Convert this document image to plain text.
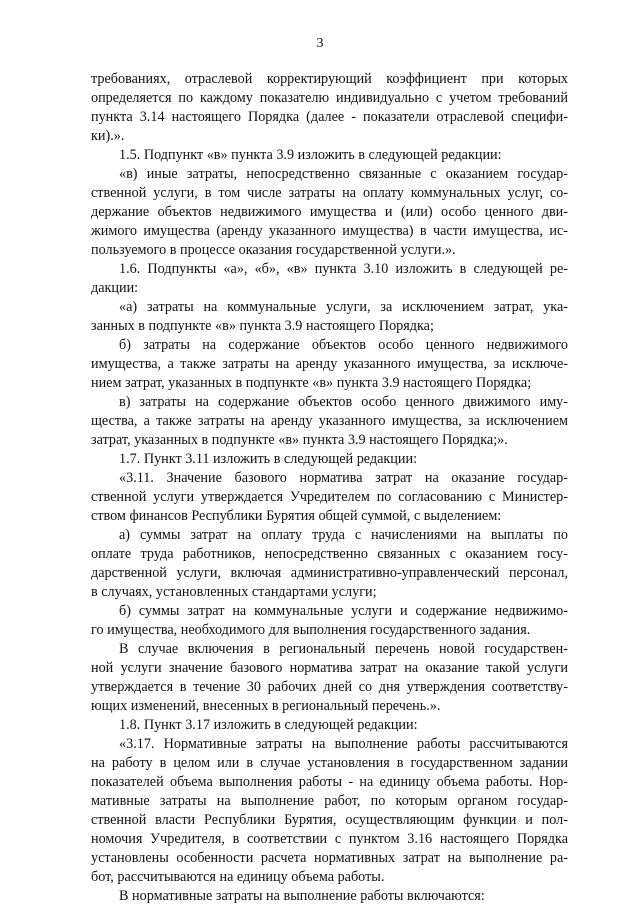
3
требованиях, отраслевой корректирующий коэффициент при которых
определяется по каждому показателю индивидуально с учетом требований
пункта 3.14 настоящего Порядка (далее - показатели отраслевой специфи-
ки).».
1.5. Подпункт «в» пункта 3.9 изложить в следующей редакции:
«в) иные затраты, непосредственно связанные с оказанием государ-
ственной услуги, в том числе затраты на оплату коммунальных услуг, со-
держание объектов недвижимого имущества и (или) особо ценного дви-
жимого имущества (аренду указанного имущества) в части имущества, ис-
пользуемого в процессе оказания государственной услуги.».
1.6. Подпункты «а», «б», «в» пункта 3.10 изложить в следующей ре-
дакции:
«а) затраты на коммунальные услуги, за исключением затрат, ука-
занных в подпункте «в» пункта 3.9 настоящего Порядка;
б) затраты на содержание объектов особо ценного недвижимого
имущества, а также затраты на аренду указанного имущества, за исключе-
нием затрат, указанных в подпункте «в» пункта 3.9 настоящего Порядка;
в) затраты на содержание объектов особо ценного движимого иму-
щества, а также затраты на аренду указанного имущества, за исключением
затрат, указанных в подпункте «в» пункта 3.9 настоящего Порядка;».
1.7. Пункт 3.11 изложить в следующей редакции:
«3.11. Значение базового норматива затрат на оказание государ-
ственной услуги утверждается Учредителем по согласованию с Министер-
ством финансов Республики Бурятия общей суммой, с выделением:
а) суммы затрат на оплату труда с начислениями на выплаты по
оплате труда работников, непосредственно связанных с оказанием госу-
дарственной услуги, включая административно-управленческий персонал,
в случаях, установленных стандартами услуги;
б) суммы затрат на коммунальные услуги и содержание недвижимо-
го имущества, необходимого для выполнения государственного задания.
В случае включения в региональный перечень новой государствен-
ной услуги значение базового норматива затрат на оказание такой услуги
утверждается в течение 30 рабочих дней со дня утверждения соответству-
ющих изменений, внесенных в региональный перечень.».
1.8. Пункт 3.17 изложить в следующей редакции:
«3.17. Нормативные затраты на выполнение работы рассчитываются
на работу в целом или в случае установления в государственном задании
показателей объема выполнения работы - на единицу объема работы. Нор-
мативные затраты на выполнение работ, по которым органом государ-
ственной власти Республики Бурятия, осуществляющим функции и пол-
номочия Учредителя, в соответствии с пунктом 3.16 настоящего Порядка
установлены особенности расчета нормативных затрат на выполнение ра-
бот, рассчитываются на единицу объема работы.
В нормативные затраты на выполнение работы включаются:
